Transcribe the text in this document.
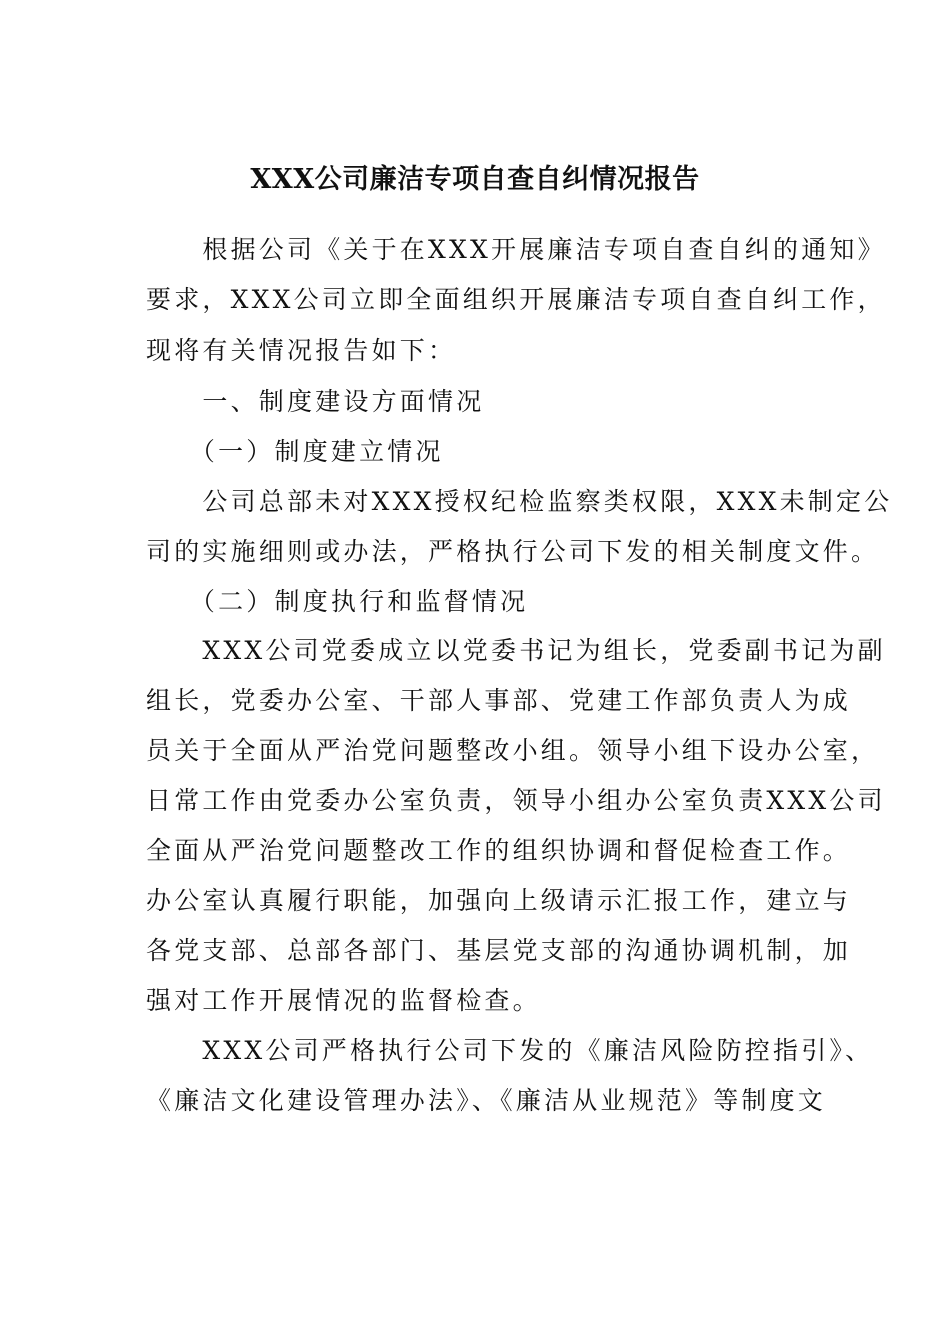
XXX公司廉洁专项自查自纠情况报告
　　根据公司《关于在XXX开展廉洁专项自查自纠的通知》
要求，XXX公司立即全面组织开展廉洁专项自查自纠工作，
现将有关情况报告如下：
　　一、制度建设方面情况
　　（一）制度建立情况
　　公司总部未对XXX授权纪检监察类权限，XXX未制定公
司的实施细则或办法，严格执行公司下发的相关制度文件。
　　（二）制度执行和监督情况
　　XXX公司党委成立以党委书记为组长，党委副书记为副
组长，党委办公室、干部人事部、党建工作部负责人为成
员关于全面从严治党问题整改小组。领导小组下设办公室，
日常工作由党委办公室负责，领导小组办公室负责XXX公司
全面从严治党问题整改工作的组织协调和督促检查工作。
办公室认真履行职能，加强向上级请示汇报工作，建立与
各党支部、总部各部门、基层党支部的沟通协调机制，加
强对工作开展情况的监督检查。
　　XXX公司严格执行公司下发的《廉洁风险防控指引》、
《廉洁文化建设管理办法》、《廉洁从业规范》等制度文
